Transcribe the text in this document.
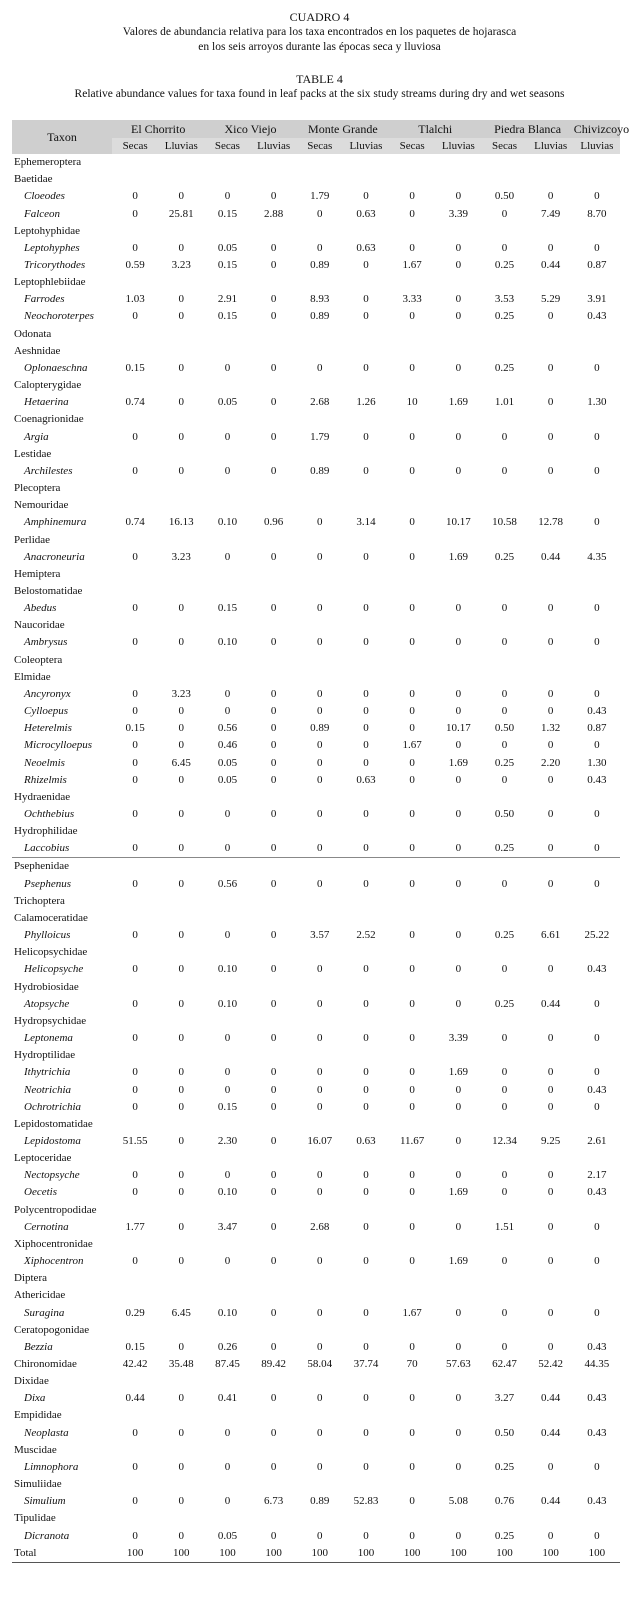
CUADRO 4
Valores de abundancia relativa para los taxa encontrados en los paquetes de hojarasca
en los seis arroyos durante las épocas seca y lluviosa
TABLE 4
Relative abundance values for taxa found in leaf packs at the six study streams during dry and wet seasons
Taxon	El Chorrito		Xico Viejo		Monte Grande		Tlalchi		Piedra Blanca		Chivizcoyo
	Secas	Lluvias	Secas	Lluvias	Secas	Lluvias	Secas	Lluvias	Secas	Lluvias	Lluvias
Ephemeroptera											
Baetidae											
Cloeodes	0	0	0	0	1.79	0	0	0	0.50	0	0
Falceon	0	25.81	0.15	2.88	0	0.63	0	3.39	0	7.49	8.70
Leptohyphidae											
Leptohyphes	0	0	0.05	0	0	0.63	0	0	0	0	0
Tricorythodes	0.59	3.23	0.15	0	0.89	0	1.67	0	0.25	0.44	0.87
Leptophlebiidae											
Farrodes	1.03	0	2.91	0	8.93	0	3.33	0	3.53	5.29	3.91
Neochoroterpes	0	0	0.15	0	0.89	0	0	0	0.25	0	0.43
Odonata											
Aeshnidae											
Oplonaeschna	0.15	0	0	0	0	0	0	0	0.25	0	0
Calopterygidae											
Hetaerina	0.74	0	0.05	0	2.68	1.26	10	1.69	1.01	0	1.30
Coenagrionidae											
Argia	0	0	0	0	1.79	0	0	0	0	0	0
Lestidae											
Archilestes	0	0	0	0	0.89	0	0	0	0	0	0
Plecoptera											
Nemouridae											
Amphinemura	0.74	16.13	0.10	0.96	0	3.14	0	10.17	10.58	12.78	0
Perlidae											
Anacroneuria	0	3.23	0	0	0	0	0	1.69	0.25	0.44	4.35
Hemiptera											
Belostomatidae											
Abedus	0	0	0.15	0	0	0	0	0	0	0	0
Naucoridae											
Ambrysus	0	0	0.10	0	0	0	0	0	0	0	0
Coleoptera											
Elmidae											
Ancyronyx	0	3.23	0	0	0	0	0	0	0	0	0
Cylloepus	0	0	0	0	0	0	0	0	0	0	0.43
Heterelmis	0.15	0	0.56	0	0.89	0	0	10.17	0.50	1.32	0.87
Microcylloepus	0	0	0.46	0	0	0	1.67	0	0	0	0
Neoelmis	0	6.45	0.05	0	0	0	0	1.69	0.25	2.20	1.30
Rhizelmis	0	0	0.05	0	0	0.63	0	0	0	0	0.43
Hydraenidae											
Ochthebius	0	0	0	0	0	0	0	0	0.50	0	0
Hydrophilidae											
Laccobius	0	0	0	0	0	0	0	0	0.25	0	0
Psephenidae											
Psephenus	0	0	0.56	0	0	0	0	0	0	0	0
Trichoptera											
Calamoceratidae											
Phylloicus	0	0	0	0	3.57	2.52	0	0	0.25	6.61	25.22
Helicopsychidae											
Helicopsyche	0	0	0.10	0	0	0	0	0	0	0	0.43
Hydrobiosidae											
Atopsyche	0	0	0.10	0	0	0	0	0	0.25	0.44	0
Hydropsychidae											
Leptonema	0	0	0	0	0	0	0	3.39	0	0	0
Hydroptilidae											
Ithytrichia	0	0	0	0	0	0	0	1.69	0	0	0
Neotrichia	0	0	0	0	0	0	0	0	0	0	0.43
Ochrotrichia	0	0	0.15	0	0	0	0	0	0	0	0
Lepidostomatidae											
Lepidostoma	51.55	0	2.30	0	16.07	0.63	11.67	0	12.34	9.25	2.61
Leptoceridae											
Nectopsyche	0	0	0	0	0	0	0	0	0	0	2.17
Oecetis	0	0	0.10	0	0	0	0	1.69	0	0	0.43
Polycentropodidae											
Cernotina	1.77	0	3.47	0	2.68	0	0	0	1.51	0	0
Xiphocentronidae											
Xiphocentron	0	0	0	0	0	0	0	1.69	0	0	0
Diptera											
Athericidae											
Suragina	0.29	6.45	0.10	0	0	0	1.67	0	0	0	0
Ceratopogonidae											
Bezzia	0.15	0	0.26	0	0	0	0	0	0	0	0.43
Chironomidae	42.42	35.48	87.45	89.42	58.04	37.74	70	57.63	62.47	52.42	44.35
Dixidae											
Dixa	0.44	0	0.41	0	0	0	0	0	3.27	0.44	0.43
Empididae											
Neoplasta	0	0	0	0	0	0	0	0	0.50	0.44	0.43
Muscidae											
Limnophora	0	0	0	0	0	0	0	0	0.25	0	0
Simuliidae											
Simulium	0	0	0	6.73	0.89	52.83	0	5.08	0.76	0.44	0.43
Tipulidae											
Dicranota	0	0	0.05	0	0	0	0	0	0.25	0	0
Total	100	100	100	100	100	100	100	100	100	100	100
